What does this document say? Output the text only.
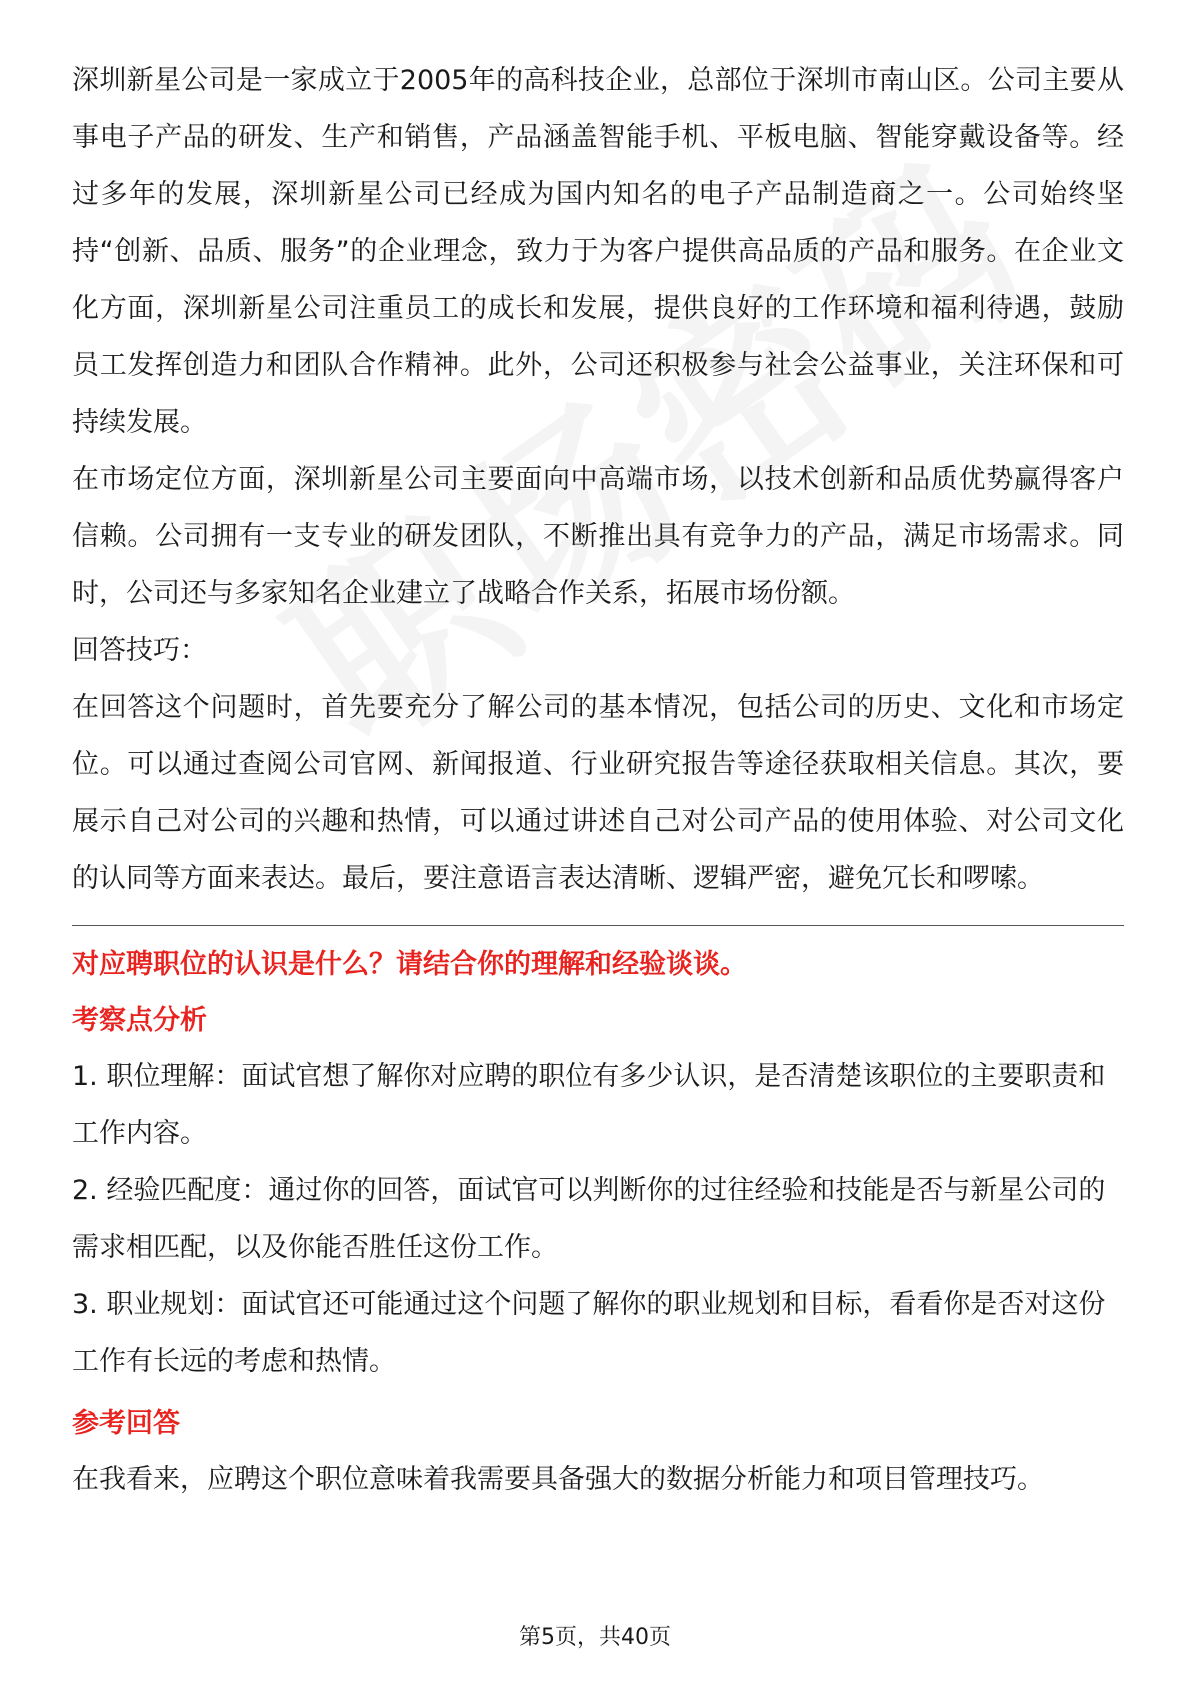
深圳新星公司是一家成立于2005年的高科技企业，总部位于深圳市南山区。公司主要从事电子产品的研发、生产和销售，产品涵盖智能手机、平板电脑、智能穿戴设备等。经过多年的发展，深圳新星公司已经成为国内知名的电子产品制造商之一。公司始终坚持“创新、品质、服务”的企业理念，致力于为客户提供高品质的产品和服务。在企业文化方面，深圳新星公司注重员工的成长和发展，提供良好的工作环境和福利待遇，鼓励员工发挥创造力和团队合作精神。此外，公司还积极参与社会公益事业，关注环保和可持续发展。

在市场定位方面，深圳新星公司主要面向中高端市场，以技术创新和品质优势赢得客户信赖。公司拥有一支专业的研发团队，不断推出具有竞争力的产品，满足市场需求。同时，公司还与多家知名企业建立了战略合作关系，拓展市场份额。

回答技巧：

在回答这个问题时，首先要充分了解公司的基本情况，包括公司的历史、文化和市场定位。可以通过查阅公司官网、新闻报道、行业研究报告等途径获取相关信息。其次，要展示自己对公司的兴趣和热情，可以通过讲述自己对公司产品的使用体验、对公司文化的认同等方面来表达。最后，要注意语言表达清晰、逻辑严密，避免冗长和啰嗦。

对应聘职位的认识是什么？请结合你的理解和经验谈谈。

考察点分析

1. 职位理解：面试官想了解你对应聘的职位有多少认识，是否清楚该职位的主要职责和工作内容。

2. 经验匹配度：通过你的回答，面试官可以判断你的过往经验和技能是否与新星公司的需求相匹配，以及你能否胜任这份工作。

3. 职业规划：面试官还可能通过这个问题了解你的职业规划和目标，看看你是否对这份工作有长远的考虑和热情。

参考回答

在我看来，应聘这个职位意味着我需要具备强大的数据分析能力和项目管理技巧。

第5页，共40页
